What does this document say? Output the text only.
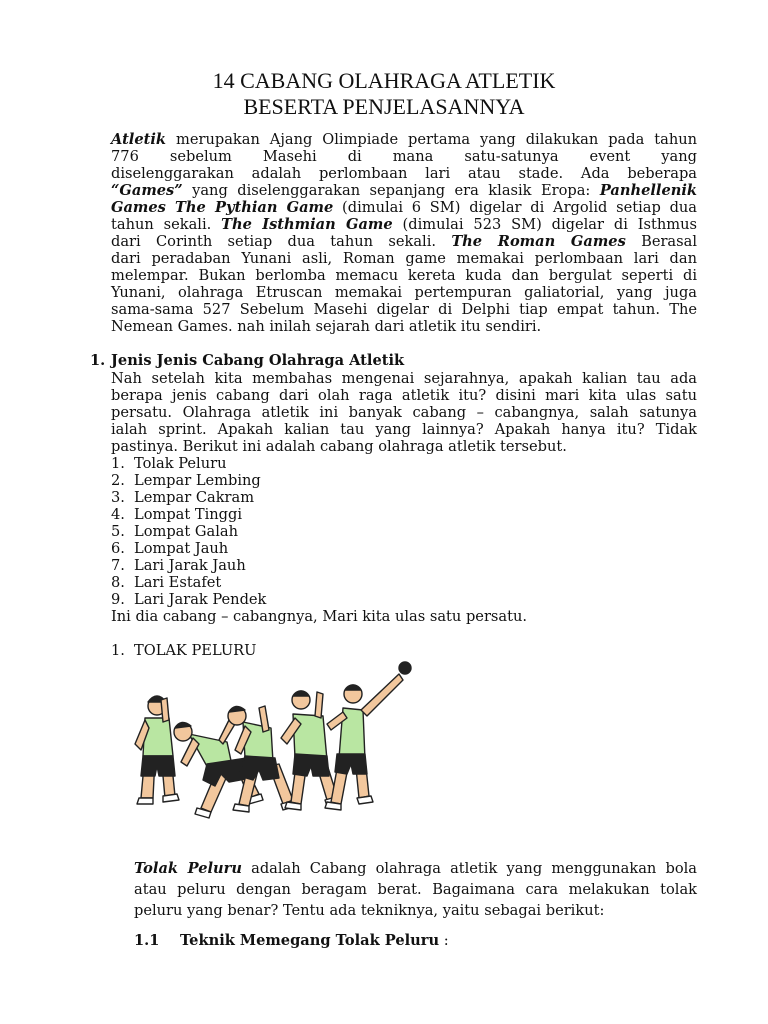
14 CABANG OLAHRAGA ATLETIK
BESERTA PENJELASANNYA
Atletik merupakan Ajang Olimpiade pertama yang dilakukan pada tahun
776 sebelum Masehi di mana satu-satunya event yang
diselenggarakan adalah perlombaan lari atau stade. Ada beberapa
“Games” yang diselenggarakan sepanjang era klasik Eropa: Panhellenik
Games The Pythian Game (dimulai 6 SM) digelar di Argolid setiap dua
tahun sekali. The Isthmian Game (dimulai 523 SM) digelar di Isthmus
dari Corinth setiap dua tahun sekali. The Roman Games Berasal
dari peradaban Yunani asli, Roman game memakai perlombaan lari dan
melempar. Bukan berlomba memacu kereta kuda dan bergulat seperti di
Yunani, olahraga Etruscan memakai pertempuran galiatorial, yang juga
sama-sama 527 Sebelum Masehi digelar di Delphi tiap empat tahun. The
Nemean Games. nah inilah sejarah dari atletik itu sendiri.
1. Jenis Jenis Cabang Olahraga Atletik
Nah setelah kita membahas mengenai sejarahnya, apakah kalian tau ada
berapa jenis cabang dari olah raga atletik itu? disini mari kita ulas satu
persatu. Olahraga atletik ini banyak cabang – cabangnya, salah satunya
ialah sprint. Apakah kalian tau yang lainnya? Apakah hanya itu? Tidak
pastinya. Berikut ini adalah cabang olahraga atletik tersebut.
1. Tolak Peluru
2. Lempar Lembing
3. Lempar Cakram
4. Lompat Tinggi
5. Lompat Galah
6. Lompat Jauh
7. Lari Jarak Jauh
8. Lari Estafet
9. Lari Jarak Pendek
Ini dia cabang – cabangnya, Mari kita ulas satu persatu.
1. TOLAK PELURU
Tolak Peluru adalah Cabang olahraga atletik yang menggunakan bola
atau peluru dengan beragam berat. Bagaimana cara melakukan tolak
peluru yang benar? Tentu ada tekniknya, yaitu sebagai berikut:
1.1 Teknik Memegang Tolak Peluru :
